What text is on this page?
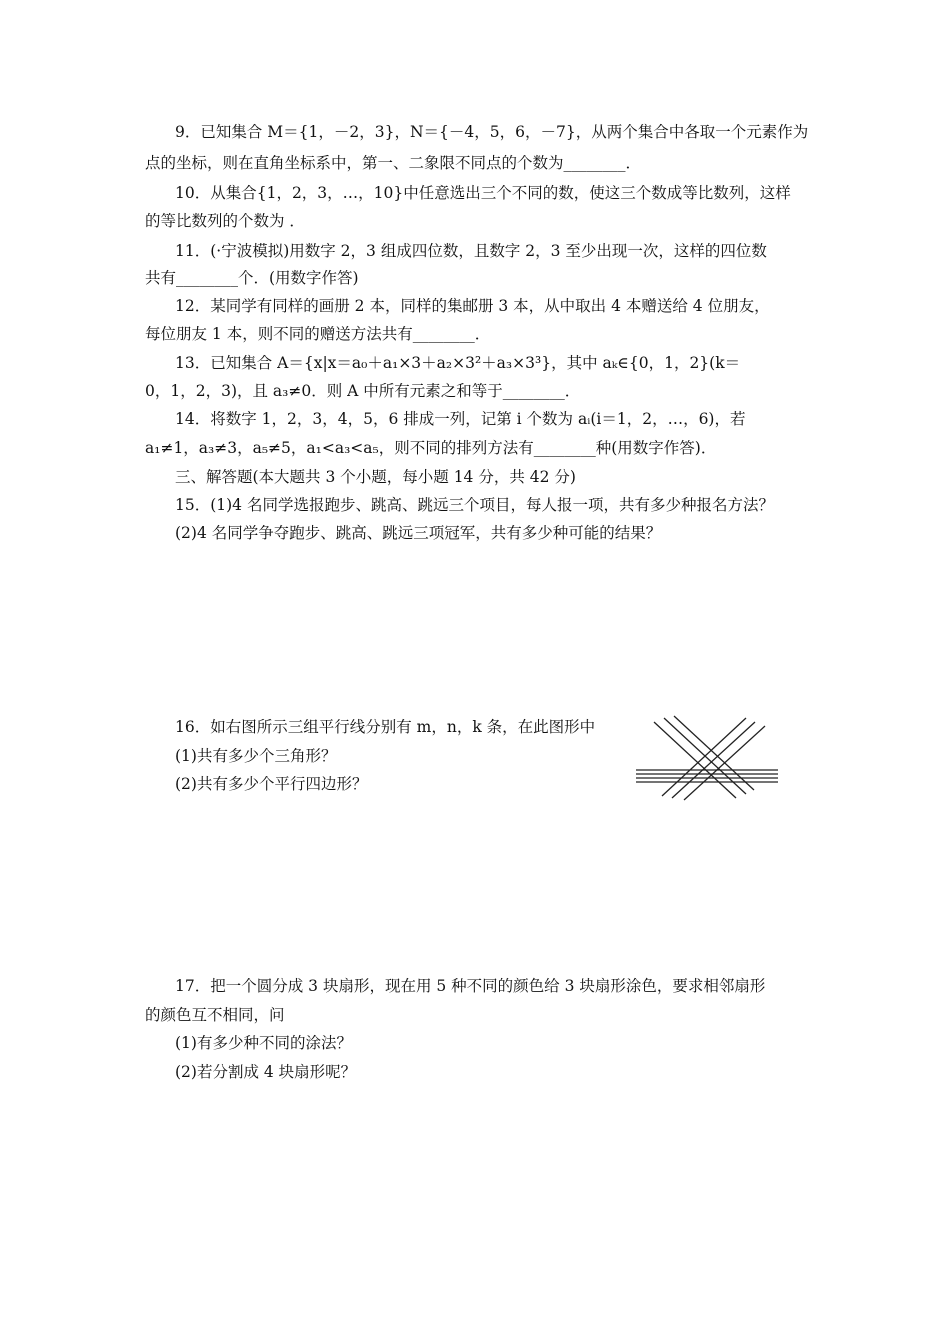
9．已知集合 M＝{1，－2，3}，N＝{－4，5，6，－7}，从两个集合中各取一个元素作为
点的坐标，则在直角坐标系中，第一、二象限不同点的个数为________．
10．从集合{1，2，3，…，10}中任意选出三个不同的数，使这三个数成等比数列，这样
的等比数列的个数为 ．
11．(·宁波模拟)用数字 2，3 组成四位数，且数字 2，3 至少出现一次，这样的四位数
共有________个．(用数字作答)
12．某同学有同样的画册 2 本，同样的集邮册 3 本，从中取出 4 本赠送给 4 位朋友，
每位朋友 1 本，则不同的赠送方法共有________．
13．已知集合 A＝{x|x＝a₀＋a₁×3＋a₂×3²＋a₃×3³}，其中 aₖ∈{0，1，2}(k＝
0，1，2，3)，且 a₃≠0．则 A 中所有元素之和等于________．
14．将数字 1，2，3，4，5，6 排成一列，记第 i 个数为 aᵢ(i＝1，2，…，6)，若
a₁≠1，a₃≠3，a₅≠5，a₁<a₃<a₅，则不同的排列方法有________种(用数字作答)．
三、解答题(本大题共 3 个小题，每小题 14 分，共 42 分)
15．(1)4 名同学选报跑步、跳高、跳远三个项目，每人报一项，共有多少种报名方法？
(2)4 名同学争夺跑步、跳高、跳远三项冠军，共有多少种可能的结果？
16．如右图所示三组平行线分别有 m，n，k 条，在此图形中
(1)共有多少个三角形？
(2)共有多少个平行四边形？
17．把一个圆分成 3 块扇形，现在用 5 种不同的颜色给 3 块扇形涂色，要求相邻扇形
的颜色互不相同，问
(1)有多少种不同的涂法？
(2)若分割成 4 块扇形呢？
